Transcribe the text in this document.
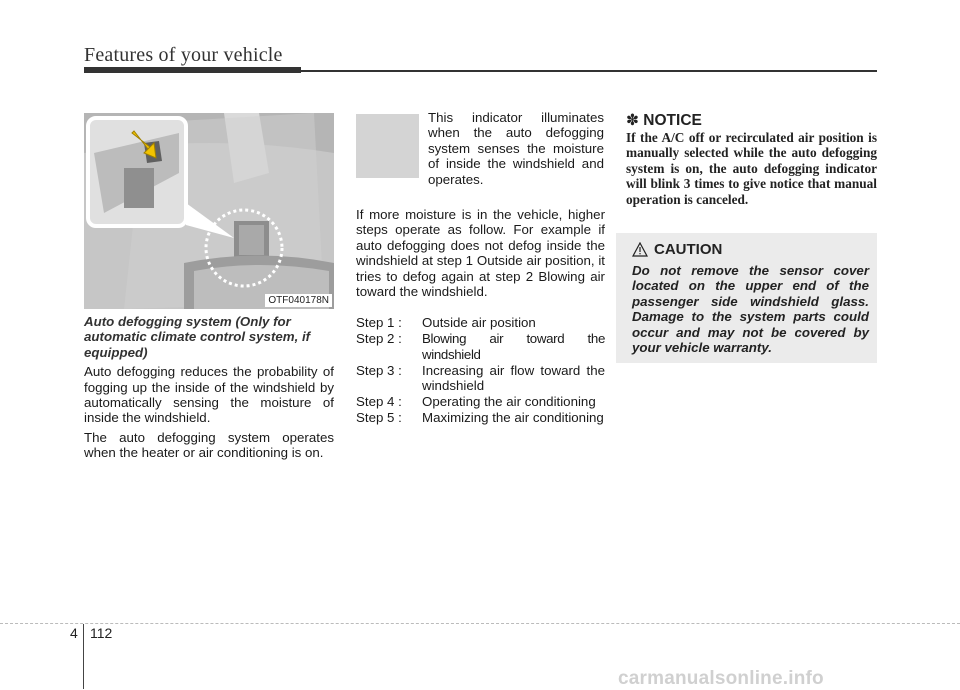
Features of your vehicle
OTF040178N
Auto defogging system (Only for automatic climate control system, if equipped)

Auto defogging reduces the probability of fogging up the inside of the windshield by automatically sensing the moisture of inside the windshield.

The auto defogging system operates when the heater or air conditioning is on.

This indicator illuminates when the auto defogging system senses the moisture of inside the windshield and operates.

If more moisture is in the vehicle, higher steps operate as follow. For example if auto defogging does not defog inside the windshield at step 1 Outside air position, it tries to defog again at step 2 Blowing air toward the windshield.

Step 1 :	Outside air position
Step 2 :	Blowing air toward the windshield
Step 3 :	Increasing air flow toward the windshield
Step 4 :	Operating the air conditioning
Step 5 :	Maximizing the air conditioning
✽ NOTICE
If the A/C off or recirculated air position is manually selected while the auto defogging system is on, the auto defogging indicator will blink 3 times to give notice that manual operation is canceled.
CAUTION
Do not remove the sensor cover located on the upper end of the passenger side windshield glass. Damage to the system parts could occur and may not be covered by your vehicle warranty.
4 112
carmanualsonline.info
